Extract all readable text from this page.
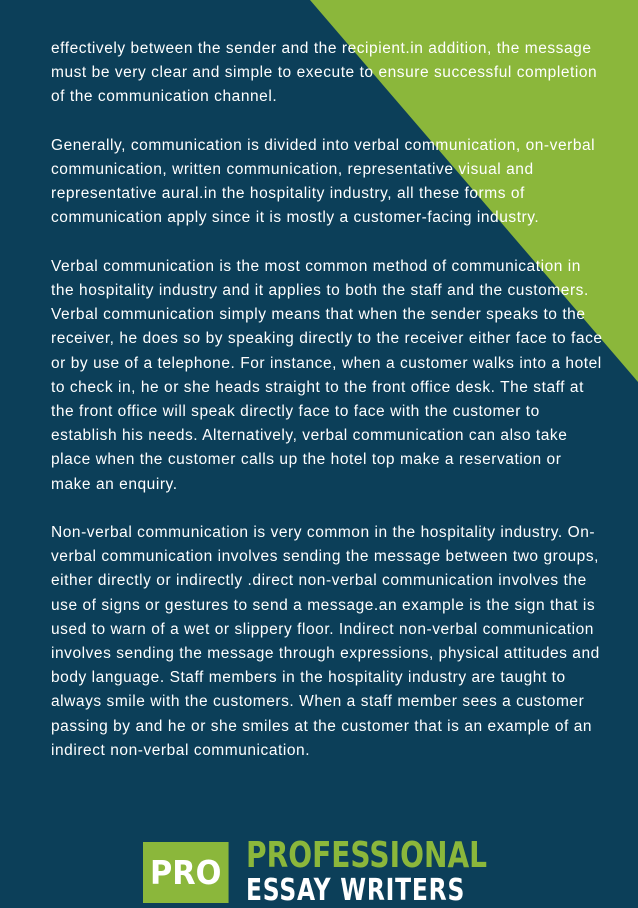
effectively between the sender and the recipient.in addition, the message must be very clear and simple to execute to ensure successful completion of the communication channel.

Generally, communication is divided into verbal communication, on-verbal communication, written communication, representative visual and representative aural.in the hospitality industry, all these forms of communication apply since it is mostly a customer-facing industry.

Verbal communication is the most common method of communication in the hospitality industry and it applies to both the staff and the customers. Verbal communication simply means that when the sender speaks to the receiver, he does so by speaking directly to the receiver either face to face or by use of a telephone. For instance, when a customer walks into a hotel to check in, he or she heads straight to the front office desk. The staff at the front office will speak directly face to face with the customer to establish his needs. Alternatively, verbal communication can also take place when the customer calls up the hotel top make a reservation or make an enquiry.

Non-verbal communication is very common in the hospitality industry. On-verbal communication involves sending the message between two groups, either directly or indirectly .direct non-verbal communication involves the use of signs or gestures to send a message.an example is the sign that is used to warn of a wet or slippery floor. Indirect non-verbal communication involves sending the message through expressions, physical attitudes and body language. Staff members in the hospitality industry are taught to always smile with the customers. When a staff member sees a customer passing by and he or she smiles at the customer that is an example of an indirect non-verbal communication.

PRO PROFESSIONAL
ESSAY WRITERS
